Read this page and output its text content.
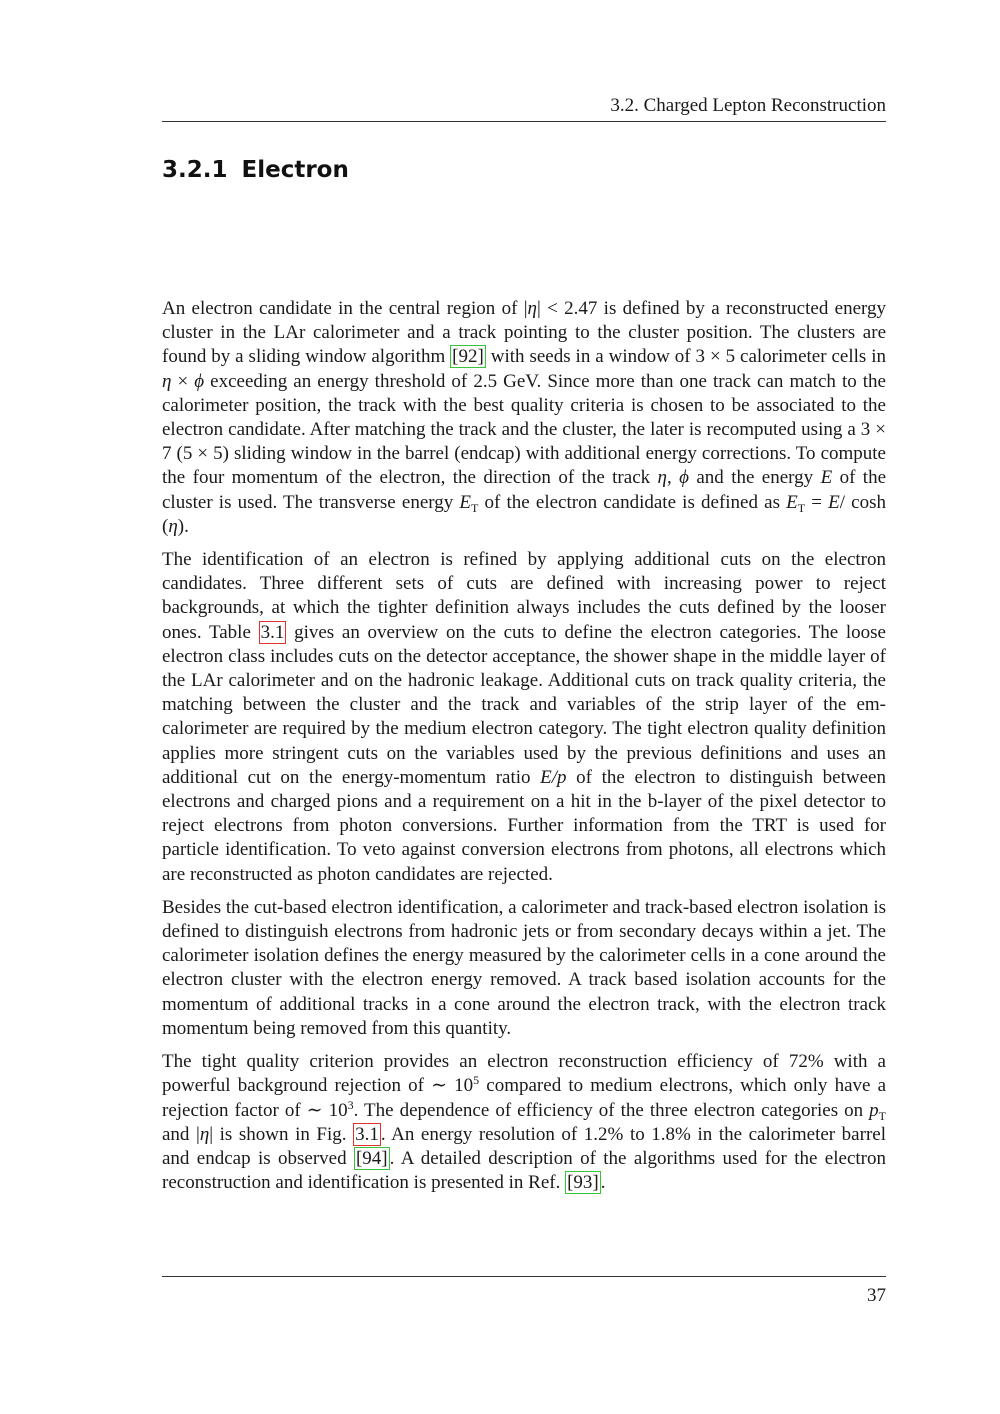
3.2. Charged Lepton Reconstruction
3.2.1 Electron

An electron candidate in the central region of |η| < 2.47 is defined by a reconstructed energy cluster in the LAr calorimeter and a track pointing to the cluster position. The clusters are found by a sliding window algorithm [92] with seeds in a window of 3 × 5 calorimeter cells in η × ϕ exceeding an energy threshold of 2.5 GeV. Since more than one track can match to the calorimeter position, the track with the best quality criteria is chosen to be associated to the electron candidate. After matching the track and the cluster, the later is recomputed using a 3 × 7 (5 × 5) sliding window in the barrel (endcap) with additional energy corrections. To compute the four momentum of the electron, the direction of the track η, ϕ and the energy E of the cluster is used. The transverse energy $E_T$ of the electron candidate is defined as $E_T = E/$ cosh (η).

The identification of an electron is refined by applying additional cuts on the electron candidates. Three different sets of cuts are defined with increasing power to reject backgrounds, at which the tighter definition always includes the cuts defined by the looser ones. Table 3.1 gives an overview on the cuts to define the electron categories. The loose electron class includes cuts on the detector acceptance, the shower shape in the middle layer of the LAr calorimeter and on the hadronic leakage. Additional cuts on track quality criteria, the matching between the cluster and the track and variables of the strip layer of the em-calorimeter are required by the medium electron category. The tight electron quality definition applies more stringent cuts on the variables used by the previous definitions and uses an additional cut on the energy-momentum ratio E/p of the electron to distinguish between electrons and charged pions and a requirement on a hit in the b-layer of the pixel detector to reject electrons from photon conversions. Further information from the TRT is used for particle identification. To veto against conversion electrons from photons, all electrons which are reconstructed as photon candidates are rejected.

Besides the cut-based electron identification, a calorimeter and track-based electron isolation is defined to distinguish electrons from hadronic jets or from secondary decays within a jet. The calorimeter isolation defines the energy measured by the calorimeter cells in a cone around the electron cluster with the electron energy removed. A track based isolation accounts for the momentum of additional tracks in a cone around the electron track, with the electron track momentum being removed from this quantity.

The tight quality criterion provides an electron reconstruction efficiency of 72% with a powerful background rejection of ∼ $10^5$ compared to medium electrons, which only have a rejection factor of ∼ $10^3$. The dependence of efficiency of the three electron categories on $p_T$ and |η| is shown in Fig. 3.1 . An energy resolution of 1.2% to 1.8% in the calorimeter barrel and endcap is observed [94] . A detailed description of the algorithms used for the electron reconstruction and identification is presented in Ref. [93] .

37
